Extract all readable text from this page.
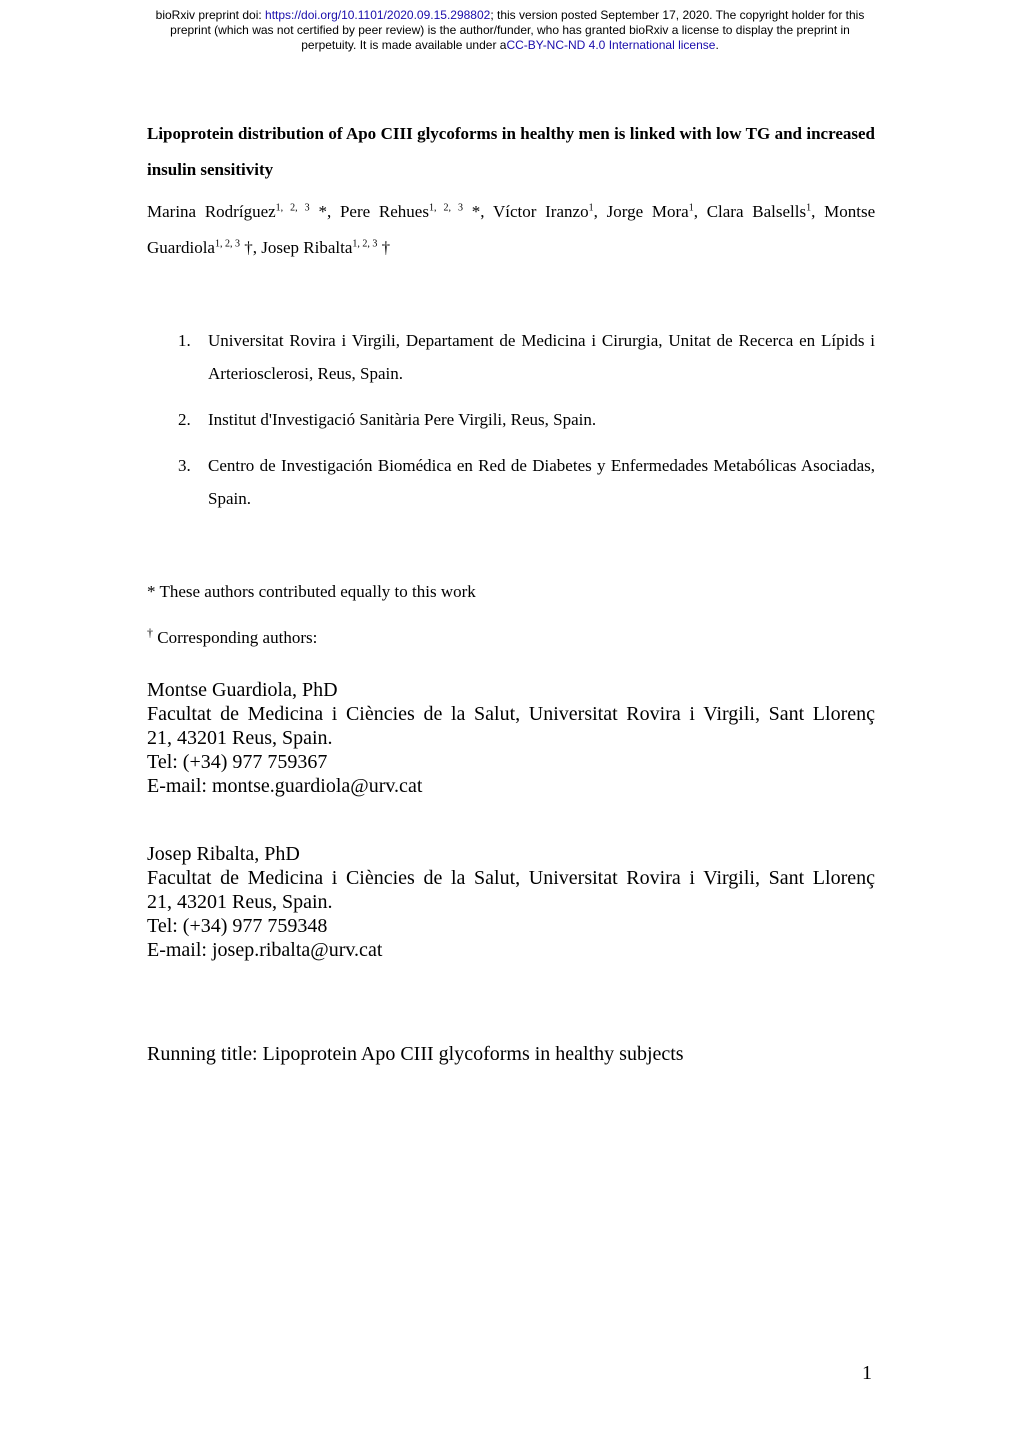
bioRxiv preprint doi: https://doi.org/10.1101/2020.09.15.298802; this version posted September 17, 2020. The copyright holder for this
preprint (which was not certified by peer review) is the author/funder, who has granted bioRxiv a license to display the preprint in
perpetuity. It is made available under aCC-BY-NC-ND 4.0 International license.
Lipoprotein distribution of Apo CIII glycoforms in healthy men is linked with low TG and increased insulin sensitivity
Marina Rodríguez$^{1, 2, 3}$ *, Pere Rehues$^{1, 2, 3}$ *, Víctor Iranzo$^1$, Jorge Mora$^1$, Clara Balsells$^1$, Montse Guardiola$^{1, 2, 3}$ †, Josep Ribalta$^{1, 2, 3}$ †
1.	Universitat Rovira i Virgili, Departament de Medicina i Cirurgia, Unitat de Recerca en Lípids i Arteriosclerosi, Reus, Spain.
2.	Institut d'Investigació Sanitària Pere Virgili, Reus, Spain.
3.	Centro de Investigación Biomédica en Red de Diabetes y Enfermedades Metabólicas Asociadas, Spain.
* These authors contributed equally to this work
† Corresponding authors:
Montse Guardiola, PhD
Facultat de Medicina i Ciències de la Salut, Universitat Rovira i Virgili, Sant Llorenç
21, 43201 Reus, Spain.
Tel: (+34) 977 759367
E-mail: montse.guardiola@urv.cat
Josep Ribalta, PhD
Facultat de Medicina i Ciències de la Salut, Universitat Rovira i Virgili, Sant Llorenç
21, 43201 Reus, Spain.
Tel: (+34) 977 759348
E-mail: josep.ribalta@urv.cat
Running title: Lipoprotein Apo CIII glycoforms in healthy subjects
1
